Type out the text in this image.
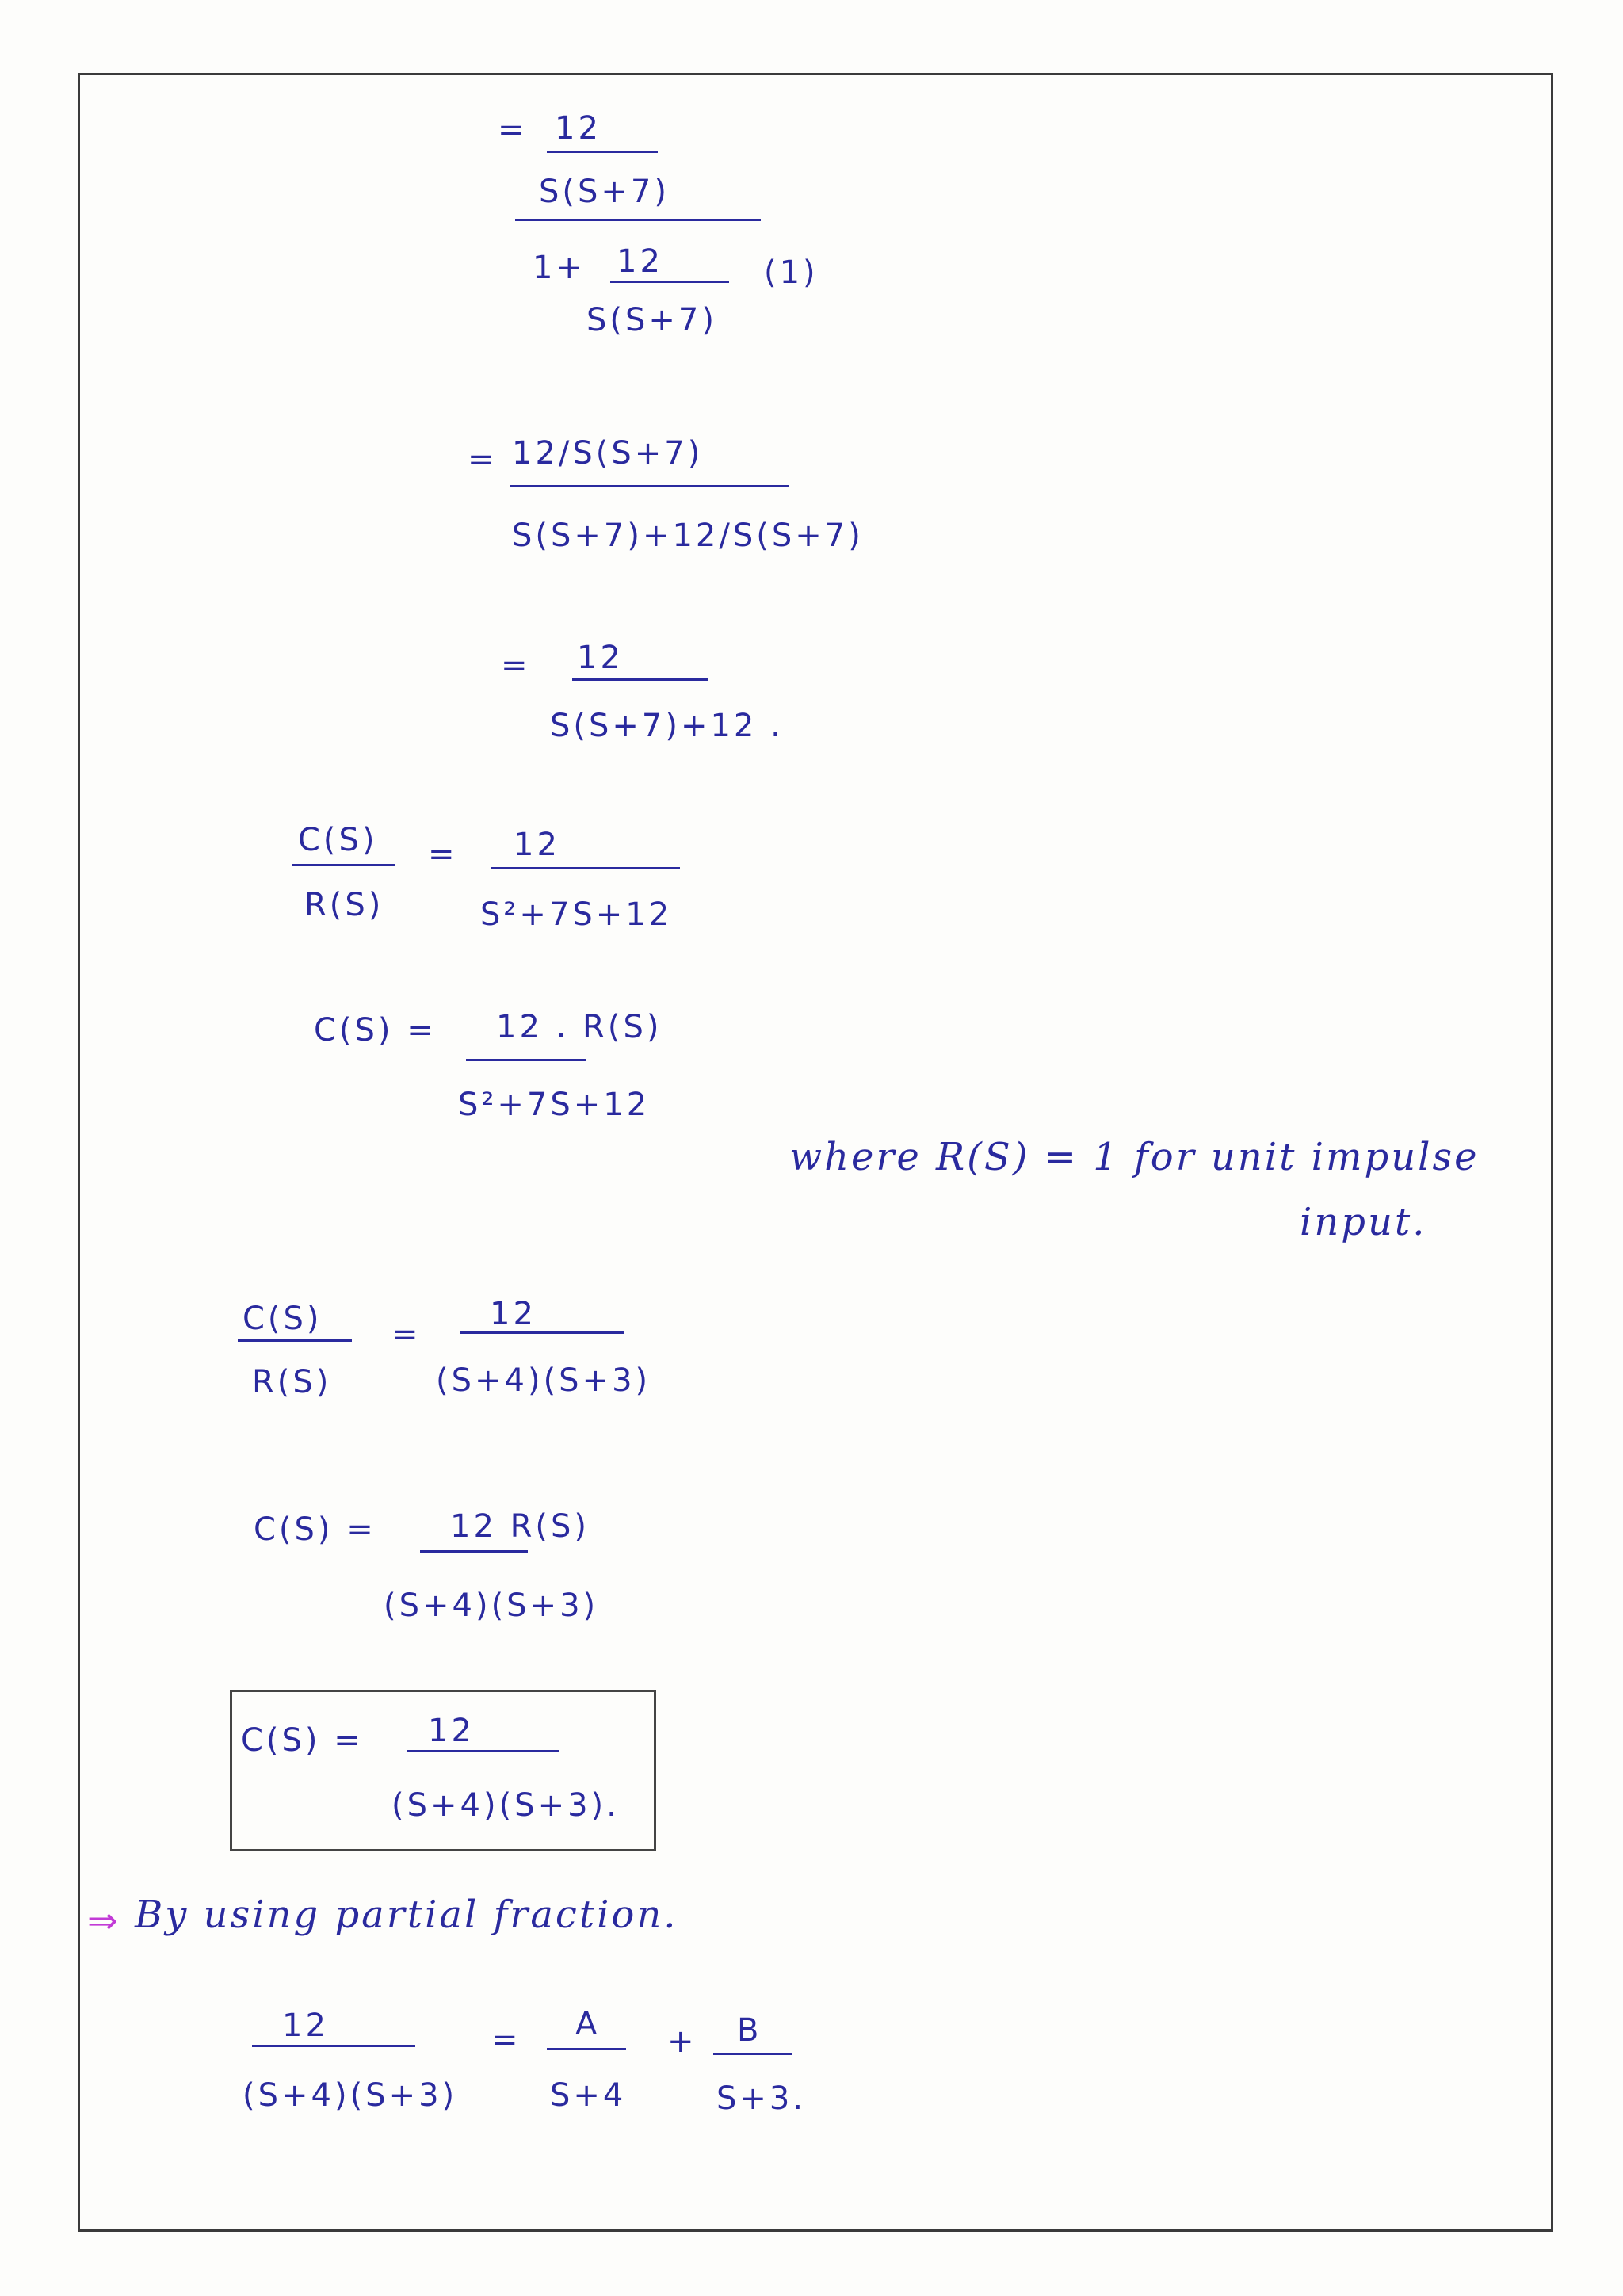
= 12
S(S+7)
1+ 12	(1)
S(S+7)
= 12/S(S+7)
S(S+7)+12/S(S+7)
= 12
S(S+7)+12 .
C(S)
R(S)
= 12
S²+7S+12
C(S) = 12 . R(S)
S²+7S+12
where R(S) = 1 for unit impulse
input.
C(S)
R(S)
=
12
(S+4)(S+3)
C(S) = 12 R(S)
(S+4)(S+3)
C(S) = 12
(S+4)(S+3).
⇒ By using partial fraction.
12
(S+4)(S+3)
= A
S+4
+ B
S+3.
